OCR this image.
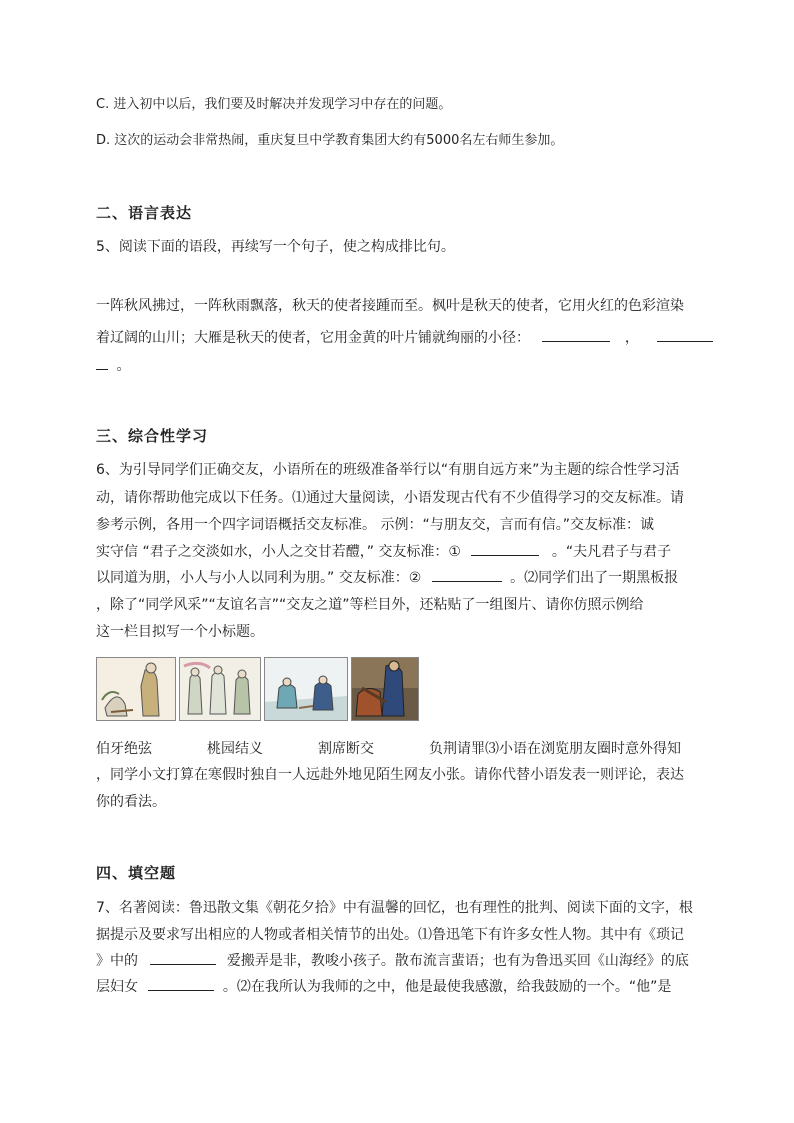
C. 进入初中以后，我们要及时解决并发现学习中存在的问题。
D. 这次的运动会非常热闹，重庆复旦中学教育集团大约有5000名左右师生参加。
二、语言表达
5、阅读下面的语段，再续写一个句子，使之构成排比句。
一阵秋风拂过，一阵秋雨飘落，秋天的使者接踵而至。枫叶是秋天的使者，它用火红的色彩渲染
着辽阔的山川；大雁是秋天的使者，它用金黄的叶片铺就绚丽的小径：	，
。
三、综合性学习
6、为引导同学们正确交友，小语所在的班级准备举行以“有朋自远方来”为主题的综合性学习活
动，请你帮助他完成以下任务。⑴通过大量阅读，小语发现古代有不少值得学习的交友标准。请
参考示例，各用一个四字词语概括交友标准。 示例：“与朋友交，言而有信。”交友标准：诚
实守信 “君子之交淡如水，小人之交甘若醴，” 交友标准：①	。“夫凡君子与君子
以同道为朋，小人与小人以同利为朋。” 交友标准：②	。⑵同学们出了一期黑板报
，除了“同学风采”“友谊名言”“交友之道”等栏目外，还粘贴了一组图片、请你仿照示例给
这一栏目拟写一个小标题。
伯牙绝弦	桃园结义	割席断交	负荆请罪 ⑶小语在浏览朋友圈时意外得知
，同学小文打算在寒假时独自一人远赴外地见陌生网友小张。请你代替小语发表一则评论，表达
你的看法。
四、填空题
7、名著阅读：鲁迅散文集《朝花夕拾》中有温馨的回忆，也有理性的批判、阅读下面的文字，根
据提示及要求写出相应的人物或者相关情节的出处。⑴鲁迅笔下有许多女性人物。其中有《琐记
》中的	爱搬弄是非，教唆小孩子。散布流言蜚语；也有为鲁迅买回《山海经》的底
层妇女	。⑵在我所认为我师的之中，他是最使我感激，给我鼓励的一个。“他”是
